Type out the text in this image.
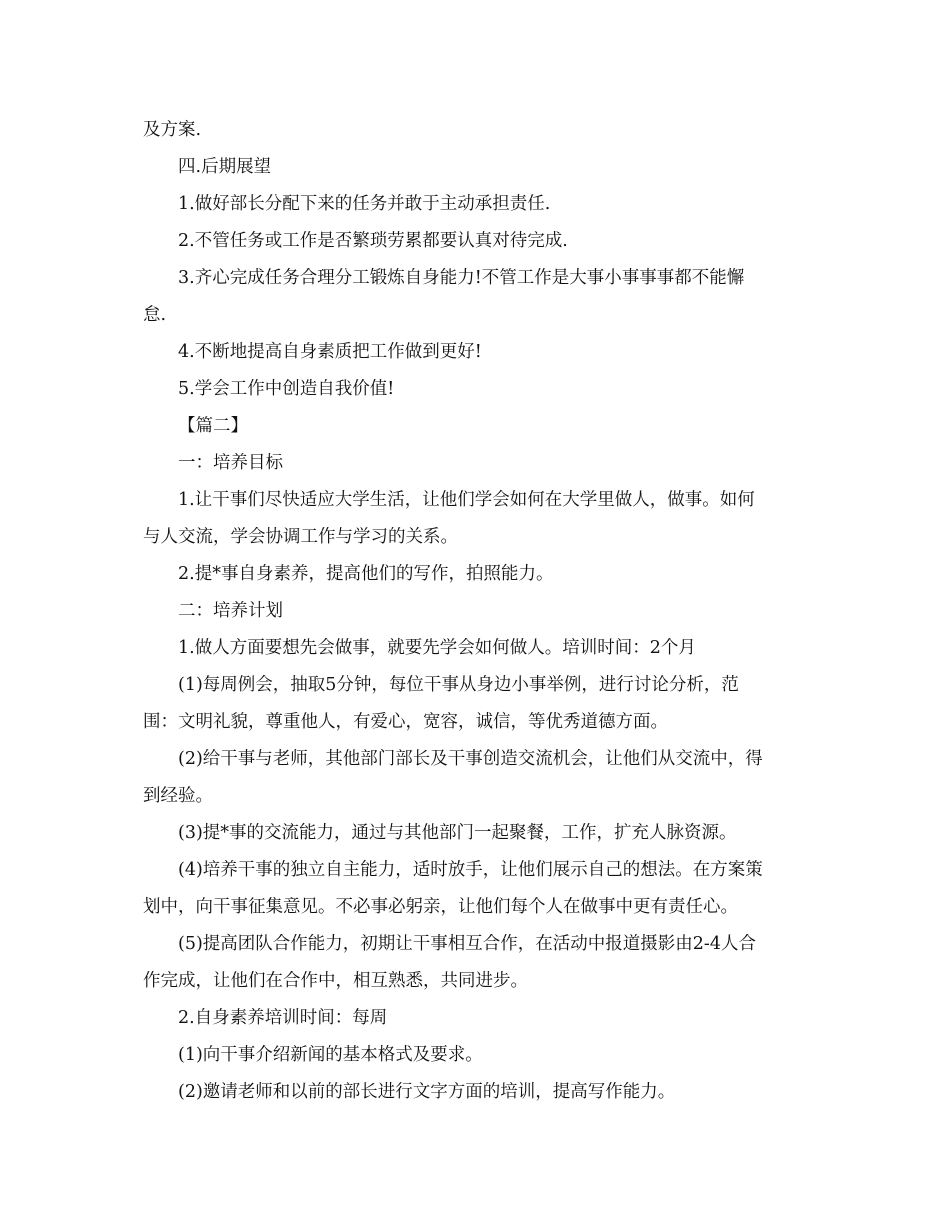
及方案.
四.后期展望
1.做好部长分配下来的任务并敢于主动承担责任.
2.不管任务或工作是否繁琐劳累都要认真对待完成.
3.齐心完成任务合理分工锻炼自身能力!不管工作是大事小事事事都不能懈
怠.
4.不断地提高自身素质把工作做到更好!
5.学会工作中创造自我价值!
【篇二】
一：培养目标
1.让干事们尽快适应大学生活，让他们学会如何在大学里做人，做事。如何
与人交流，学会协调工作与学习的关系。
2.提*事自身素养，提高他们的写作，拍照能力。
二：培养计划
1.做人方面要想先会做事，就要先学会如何做人。培训时间：2个月
(1)每周例会，抽取5分钟，每位干事从身边小事举例，进行讨论分析，范
围：文明礼貌，尊重他人，有爱心，宽容，诚信，等优秀道德方面。
(2)给干事与老师，其他部门部长及干事创造交流机会，让他们从交流中，得
到经验。
(3)提*事的交流能力，通过与其他部门一起聚餐，工作，扩充人脉资源。
(4)培养干事的独立自主能力，适时放手，让他们展示自己的想法。在方案策
划中，向干事征集意见。不必事必躬亲，让他们每个人在做事中更有责任心。
(5)提高团队合作能力，初期让干事相互合作，在活动中报道摄影由2-4人合
作完成，让他们在合作中，相互熟悉，共同进步。
2.自身素养培训时间：每周
(1)向干事介绍新闻的基本格式及要求。
(2)邀请老师和以前的部长进行文字方面的培训，提高写作能力。
